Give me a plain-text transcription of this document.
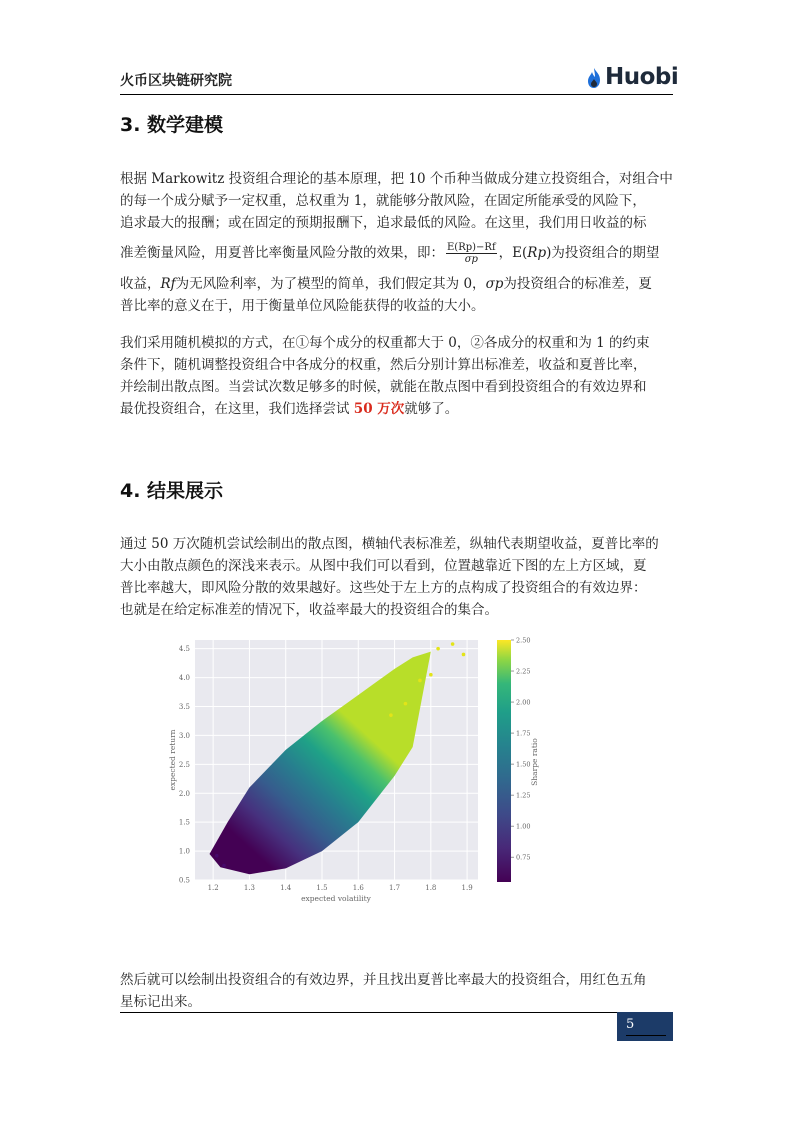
火币区块链研究院	Huobi
3. 数学建模
根据 Markowitz 投资组合理论的基本原理，把 10 个币种当做成分建立投资组合，对组合中
的每一个成分赋予一定权重，总权重为 1，就能够分散风险，在固定所能承受的风险下，
追求最大的报酬；或在固定的预期报酬下，追求最低的风险。在这里，我们用日收益的标
准差衡量风险，用夏普比率衡量风险分散的效果，即： $\frac{E(Rp)-Rf}{\sigma p}$ ，E(Rp)为投资组合的期望
收益，Rf为无风险利率，为了模型的简单，我们假定其为 0，σp为投资组合的标准差，夏
普比率的意义在于，用于衡量单位风险能获得的收益的大小。
我们采用随机模拟的方式，在①每个成分的权重都大于 0，②各成分的权重和为 1 的约束
条件下，随机调整投资组合中各成分的权重，然后分别计算出标准差，收益和夏普比率，
并绘制出散点图。当尝试次数足够多的时候，就能在散点图中看到投资组合的有效边界和
最优投资组合，在这里，我们选择尝试 50 万次就够了。
4. 结果展示
通过 50 万次随机尝试绘制出的散点图，横轴代表标准差，纵轴代表期望收益，夏普比率的
大小由散点颜色的深浅来表示。从图中我们可以看到，位置越靠近下图的左上方区域，夏
普比率越大，即风险分散的效果越好。这些处于左上方的点构成了投资组合的有效边界：
也就是在给定标准差的情况下，收益率最大的投资组合的集合。
1.2	1.3	1.4	1.5	1.6	1.7	1.8	1.9
0.5
1.0
1.5
2.0
2.5
3.0
3.5
4.0
4.5
expected volatility
expected return
0.75
1.00
1.25
1.50
1.75
2.00
2.25
2.50
Sharpe ratio
然后就可以绘制出投资组合的有效边界，并且找出夏普比率最大的投资组合，用红色五角
星标记出来。
5
